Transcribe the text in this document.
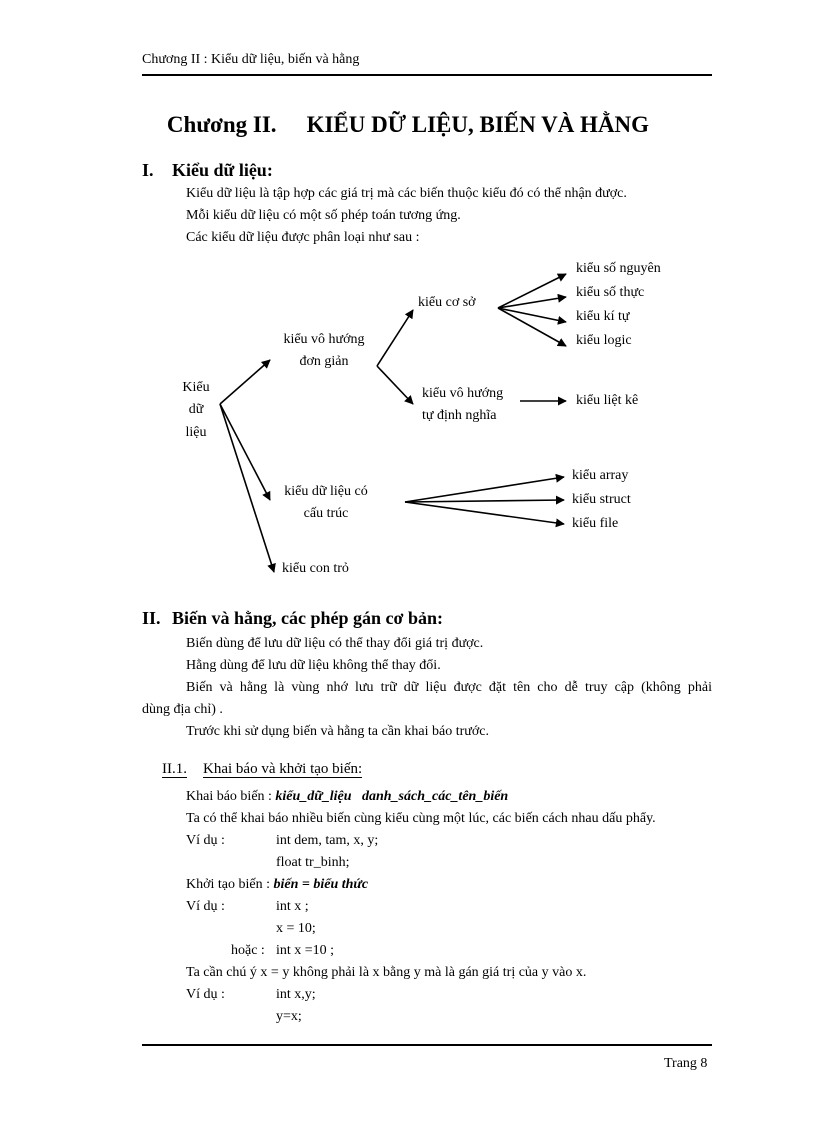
Chương II : Kiểu dữ liệu, biến và hằng
Chương II. KIỂU DỮ LIỆU, BIẾN VÀ HẰNG
I. Kiểu dữ liệu:
Kiểu dữ liệu là tập hợp các giá trị mà các biến thuộc kiểu đó có thể nhận được.
Mỗi kiểu dữ liệu có một số phép toán tương ứng.
Các kiểu dữ liệu được phân loại như sau :
Kiểu
dữ
liệu
kiểu vô hướng
đơn giản
kiểu cơ sở
kiểu vô hướng
tự định nghĩa
kiểu số nguyên
kiểu số thực
kiểu kí tự
kiểu logic
kiểu liệt kê
kiểu dữ liệu có
cấu trúc
kiểu array
kiểu struct
kiểu file
kiểu con trỏ
II. Biến và hằng, các phép gán cơ bản:
Biến dùng để lưu dữ liệu có thể thay đổi giá trị được.
Hằng dùng để lưu dữ liệu không thể thay đổi.
Biến và hằng là vùng nhớ lưu trữ dữ liệu được đặt tên cho dễ truy cập (không phải
dùng địa chỉ) .
Trước khi sử dụng biến và hằng ta cần khai báo trước.
II.1. Khai báo và khởi tạo biến:
Khai báo biến : kiểu_dữ_liệu   danh_sách_các_tên_biến
Ta có thể khai báo nhiều biến cùng kiểu cùng một lúc, các biến cách nhau dấu phẩy.
Ví dụ :	int dem, tam, x, y;
float tr_binh;
Khởi tạo biến : biến = biểu thức
Ví dụ :	int x ;
x = 10;
hoặc : int x =10 ;
Ta cần chú ý x = y không phải là x bằng y mà là gán giá trị của y vào x.
Ví dụ :	int x,y;
y=x;
Trang 8
